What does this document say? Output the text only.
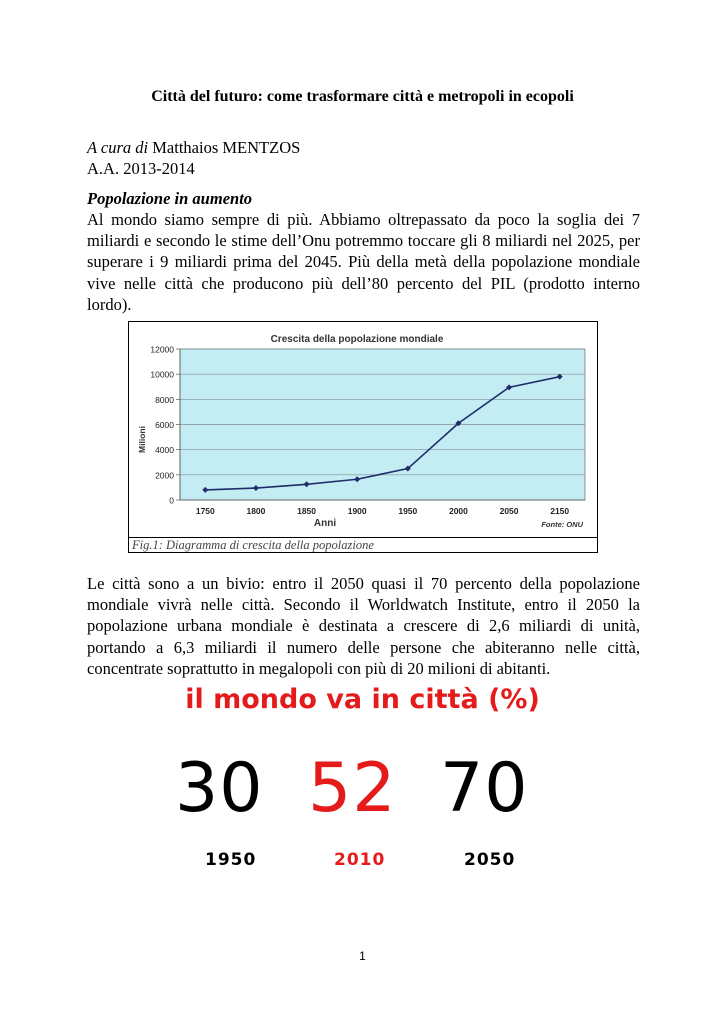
Città del futuro: come trasformare città e metropoli in ecopoli
A cura di Matthaios MENTZOS
A.A. 2013-2014
Popolazione in aumento
Al mondo siamo sempre di più. Abbiamo oltrepassato da poco la soglia dei 7 miliardi e secondo le stime dell’Onu potremmo toccare gli 8 miliardi nel 2025, per superare i 9 miliardi prima del 2045. Più della metà della popolazione mondiale vive nelle città che producono più dell’80 percento del PIL (prodotto interno lordo).
0
2000
4000
6000
8000
10000
12000
1750	1800	1850	1900	1950	2000	2050	2150
Crescita della popolazione mondiale
Anni
Milioni
Fonte: ONU
Fig.1: Diagramma di crescita della popolazione
Le città sono a un bivio: entro il 2050 quasi il 70 percento della popolazione mondiale vivrà nelle città. Secondo il Worldwatch Institute, entro il 2050 la popolazione urbana mondiale è destinata a crescere di 2,6 miliardi di unità, portando a 6,3 miliardi il numero delle persone che abiteranno nelle città, concentrate soprattutto in megalopoli con più di 20 milioni di abitanti.
il mondo va in città (%)
30 52 70
1950	2010	2050
1
